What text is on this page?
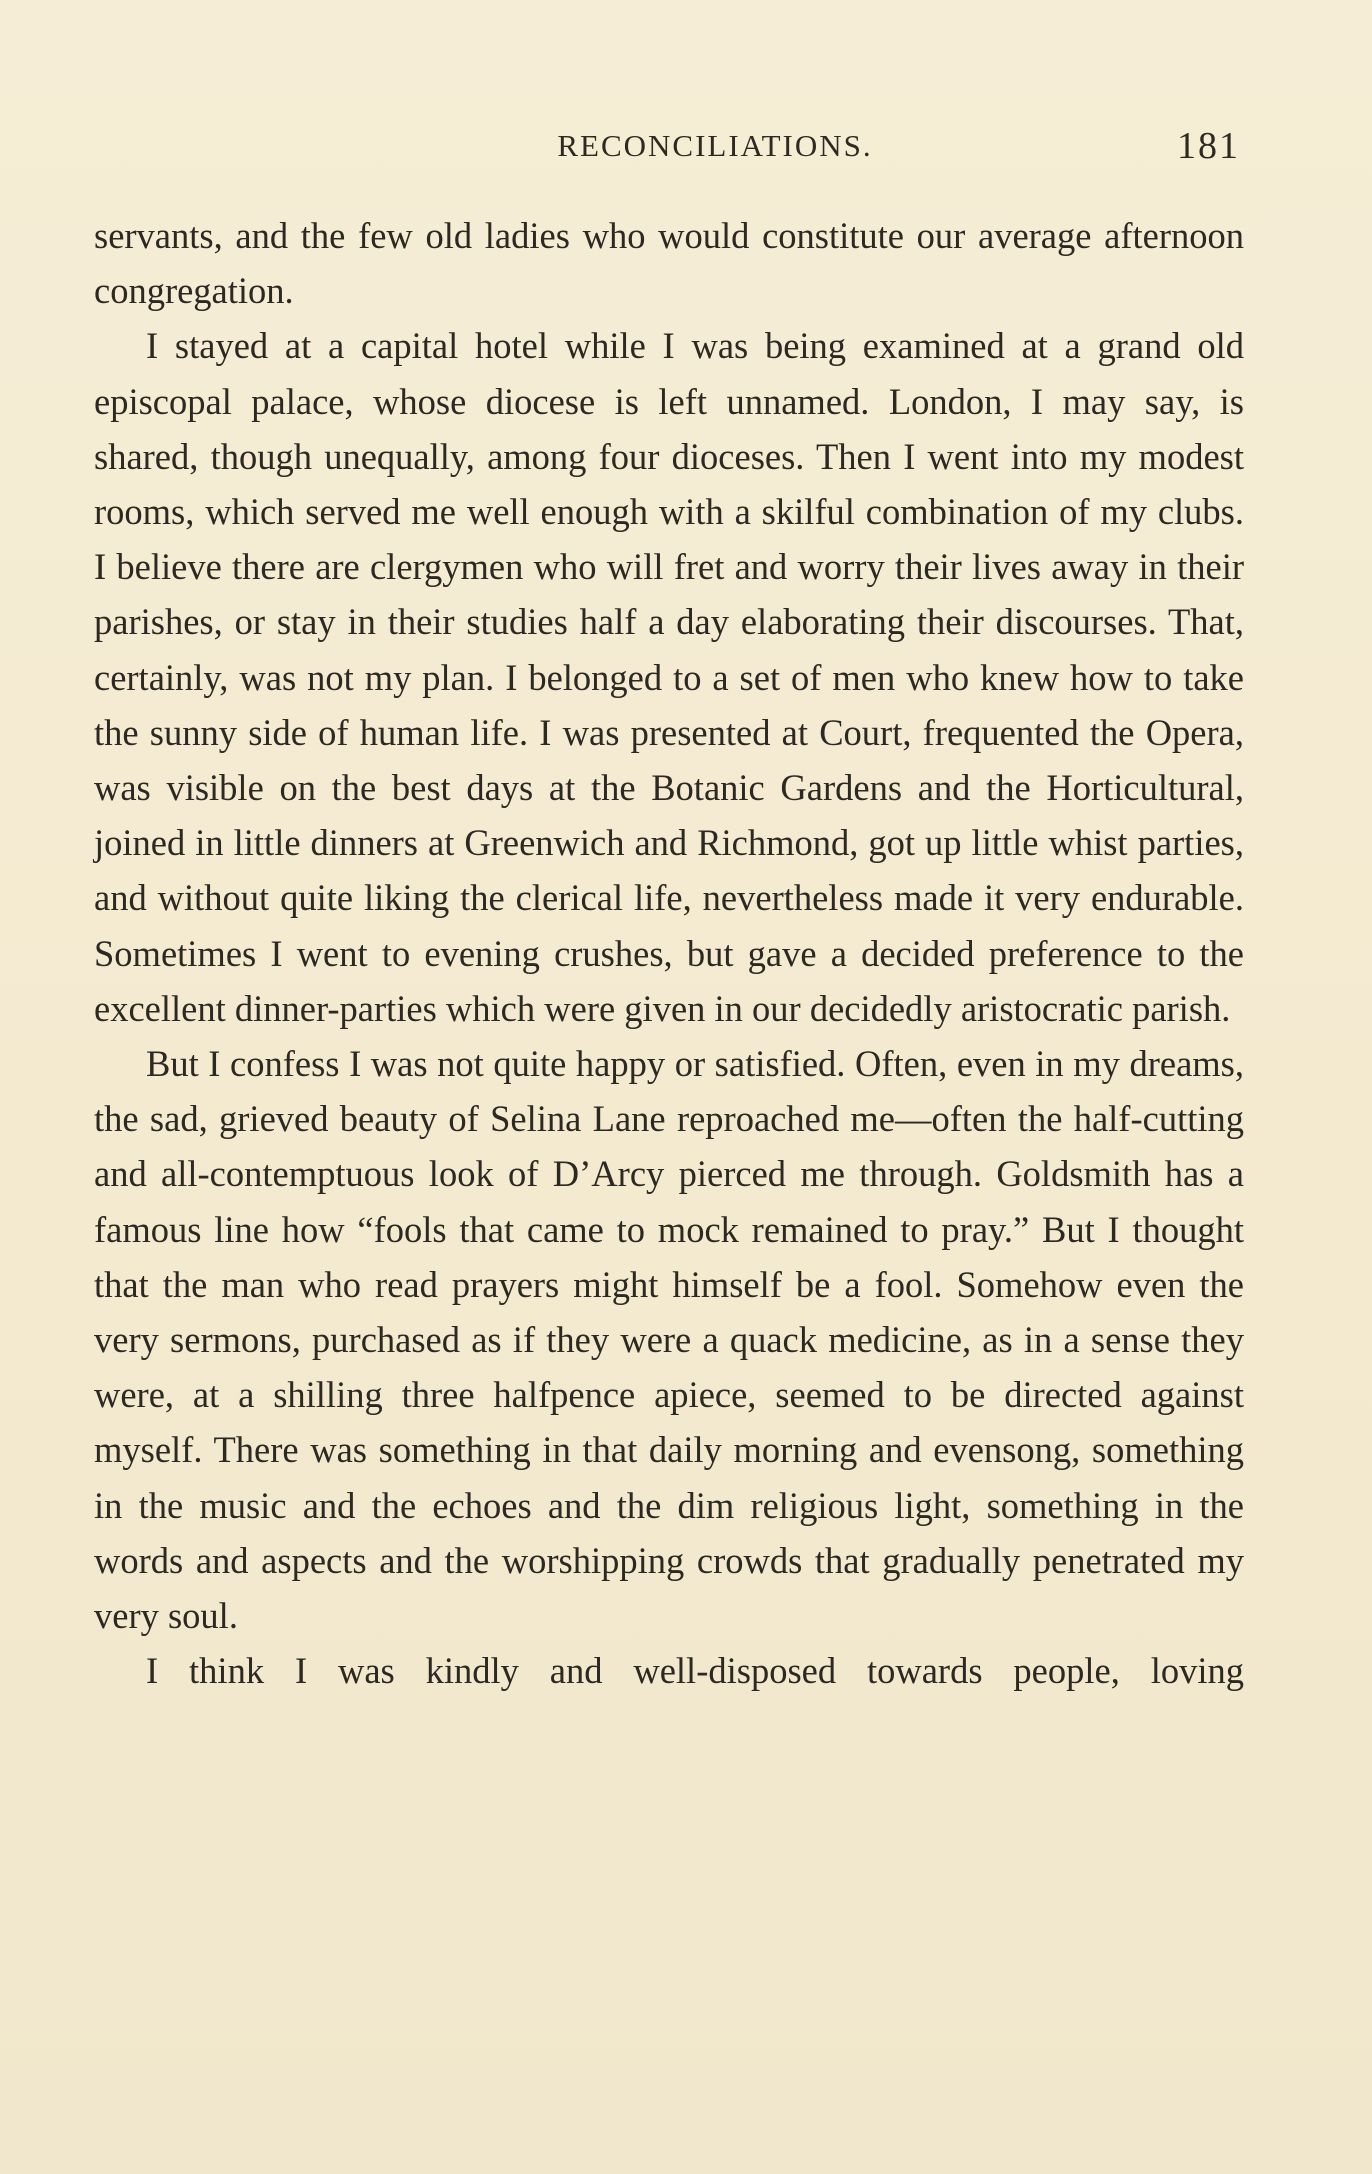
RECONCILIATIONS.	181

servants, and the few old ladies who would constitute our average afternoon congregation.

I stayed at a capital hotel while I was being examined at a grand old episcopal palace, whose diocese is left unnamed. London, I may say, is shared, though unequally, among four dioceses. Then I went into my modest rooms, which served me well enough with a skilful combination of my clubs. I believe there are clergymen who will fret and worry their lives away in their parishes, or stay in their studies half a day elaborating their discourses. That, certainly, was not my plan. I belonged to a set of men who knew how to take the sunny side of human life. I was presented at Court, frequented the Opera, was visible on the best days at the Botanic Gardens and the Horticultural, joined in little dinners at Greenwich and Richmond, got up little whist parties, and without quite liking the clerical life, nevertheless made it very endurable. Sometimes I went to evening crushes, but gave a decided preference to the excellent dinner-parties which were given in our decidedly aristocratic parish.

But I confess I was not quite happy or satisfied. Often, even in my dreams, the sad, grieved beauty of Selina Lane reproached me—often the half-cutting and all-contemptuous look of D’Arcy pierced me through. Goldsmith has a famous line how “fools that came to mock remained to pray.” But I thought that the man who read prayers might himself be a fool. Somehow even the very sermons, purchased as if they were a quack medicine, as in a sense they were, at a shilling three halfpence apiece, seemed to be directed against myself. There was something in that daily morning and evensong, something in the music and the echoes and the dim religious light, something in the words and aspects and the worshipping crowds that gradually penetrated my very soul.

I think I was kindly and well-disposed towards people, loving
